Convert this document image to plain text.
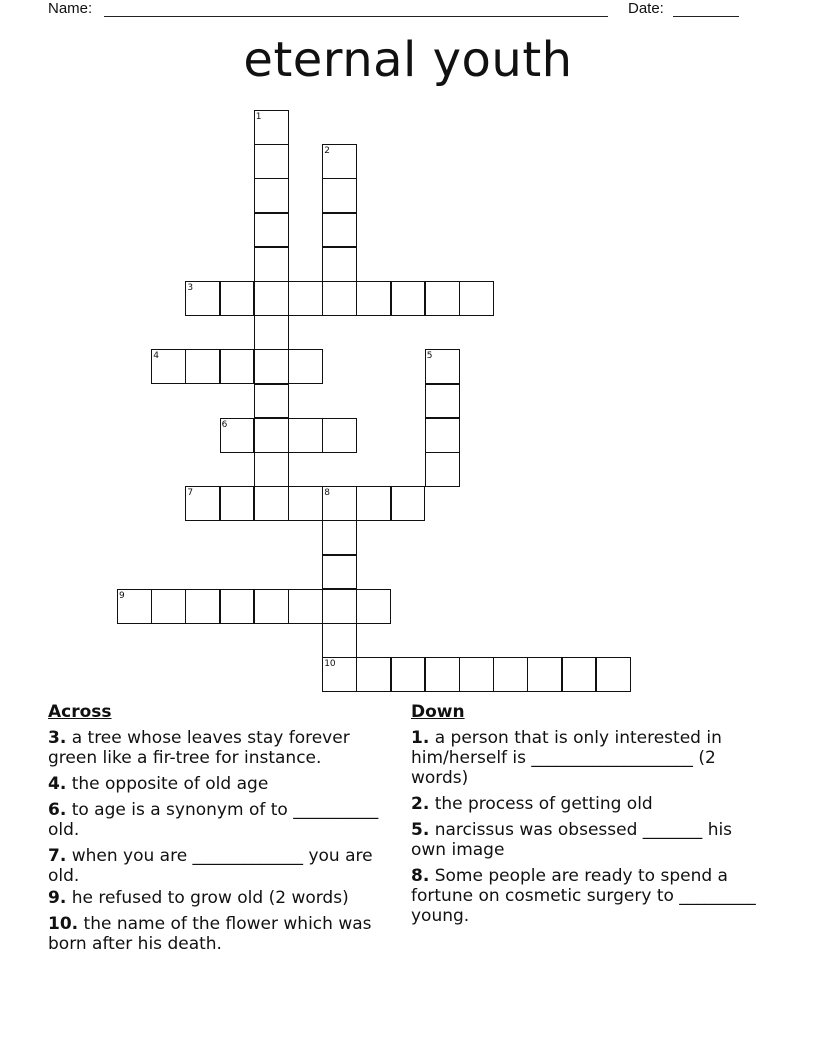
Name:	Date:
eternal youth
1
2
3
4	5
6
7	8
10
9
Across
3. a tree whose leaves stay forever green like a fir-tree for instance.
4. the opposite of old age
6. to age is a synonym of to __________ old.
7. when you are _____________ you are old.
9. he refused to grow old (2 words)
10. the name of the flower which was born after his death.
Down
1. a person that is only interested in him/herself is ___________________ (2 words)
2. the process of getting old
5. narcissus was obsessed _______ his own image
8. Some people are ready to spend a fortune on cosmetic surgery to _________ young.
